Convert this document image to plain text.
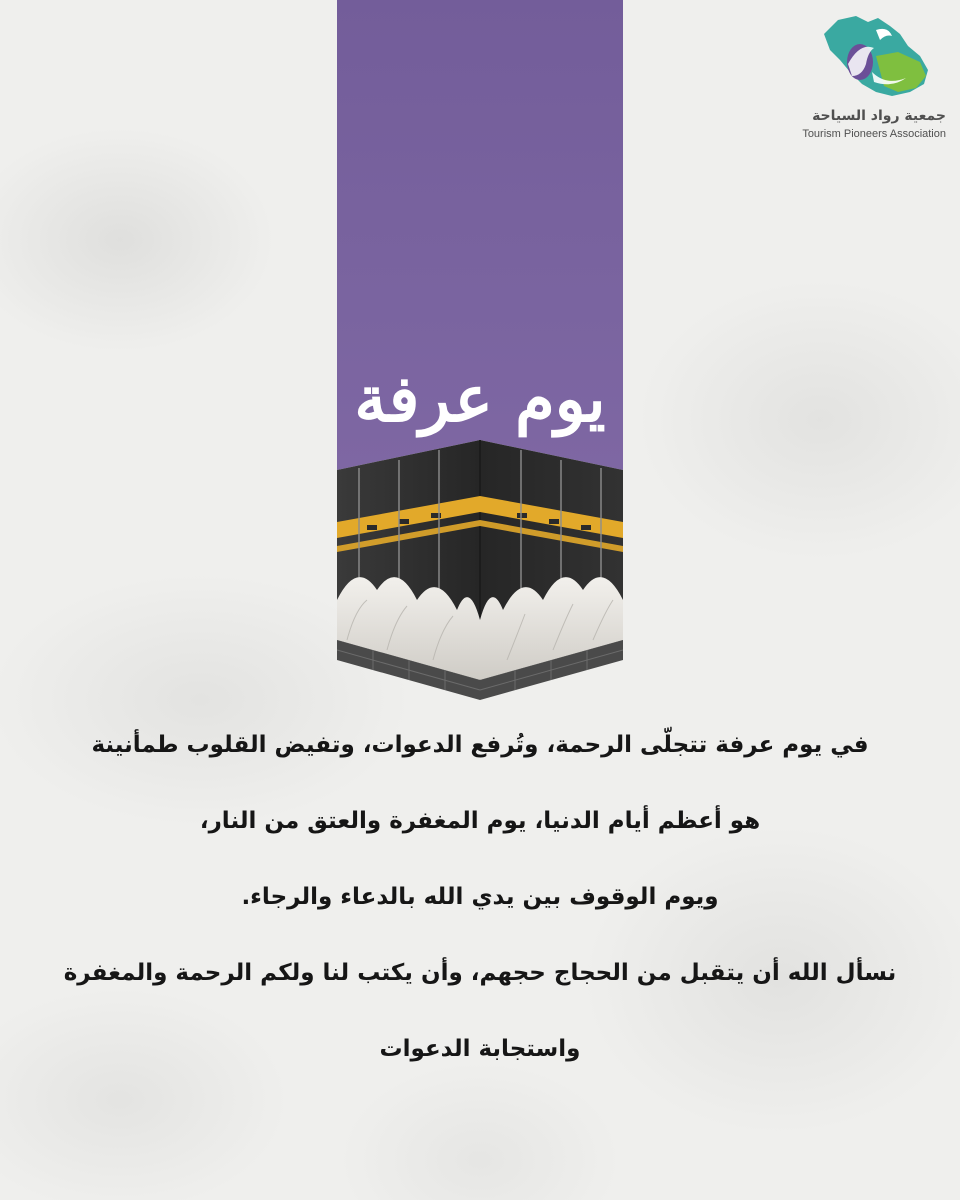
جمعية رواد السياحة
Tourism Pioneers Association
يوم عرفة
في يوم عرفة تتجلّى الرحمة، وتُرفع الدعوات، وتفيض القلوب طمأنينة
هو أعظم أيام الدنيا، يوم المغفرة والعتق من النار،
ويوم الوقوف بين يدي الله بالدعاء والرجاء.
نسأل الله أن يتقبل من الحجاج حجهم، وأن يكتب لنا ولكم الرحمة والمغفرة
واستجابة الدعوات
